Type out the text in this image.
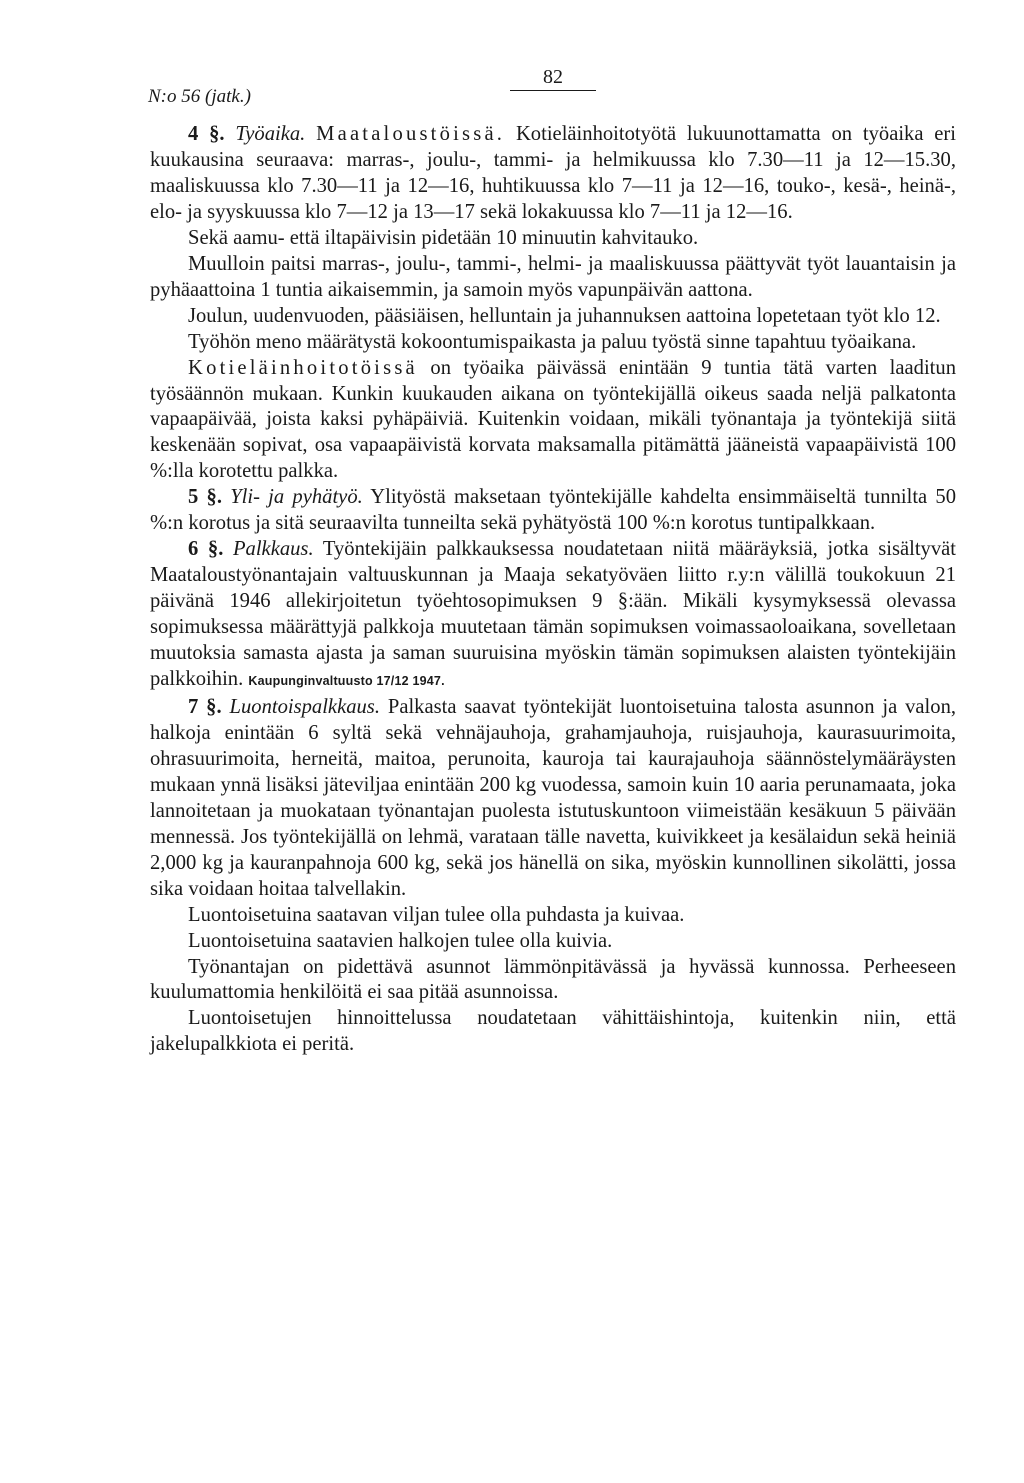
N:o 56 (jatk.)
82

4 §. Työaika. Maataloustöissä. Kotieläinhoitotyötä lukuunottamatta on työaika eri kuukausina seuraava: marras-, joulu-, tammi- ja helmikuussa klo 7.30—11 ja 12—15.30, maaliskuussa klo 7.30—11 ja 12—16, huhtikuussa klo 7—11 ja 12—16, touko-, kesä-, heinä-, elo- ja syyskuussa klo 7—12 ja 13—17 sekä lokakuussa klo 7—11 ja 12—16.

Sekä aamu- että iltapäivisin pidetään 10 minuutin kahvitauko.

Muulloin paitsi marras-, joulu-, tammi-, helmi- ja maaliskuussa päättyvät työt lauantaisin ja pyhäaattoina 1 tuntia aikaisemmin, ja samoin myös vapunpäivän aattona.

Joulun, uudenvuoden, pääsiäisen, helluntain ja juhannuksen aattoina lopetetaan työt klo 12.

Työhön meno määrätystä kokoontumispaikasta ja paluu työstä sinne tapahtuu työaikana.

Kotieläinhoitotöissä on työaika päivässä enintään 9 tuntia tätä varten laaditun työsäännön mukaan. Kunkin kuukauden aikana on työntekijällä oikeus saada neljä palkatonta vapaapäivää, joista kaksi pyhäpäiviä. Kuitenkin voidaan, mikäli työnantaja ja työntekijä siitä keskenään sopivat, osa vapaapäivistä korvata maksamalla pitämättä jääneistä vapaapäivistä 100 %:lla korotettu palkka.

5 §. Yli- ja pyhätyö. Ylityöstä maksetaan työntekijälle kahdelta ensimmäiseltä tunnilta 50 %:n korotus ja sitä seuraavilta tunneilta sekä pyhätyöstä 100 %:n korotus tuntipalkkaan.

6 §. Palkkaus. Työntekijäin palkkauksessa noudatetaan niitä määräyksiä, jotka sisältyvät Maataloustyönantajain valtuuskunnan ja Maaja sekatyöväen liitto r.y:n välillä toukokuun 21 päivänä 1946 allekirjoitetun työehtosopimuksen 9 §:ään. Mikäli kysymyksessä olevassa sopimuksessa määrättyjä palkkoja muutetaan tämän sopimuksen voimassaoloaikana, sovelletaan muutoksia samasta ajasta ja saman suuruisina myöskin tämän sopimuksen alaisten työntekijäin palkkoihin. Kaupunginvaltuusto 17/12 1947.

7 §. Luontoispalkkaus. Palkasta saavat työntekijät luontoisetuina talosta asunnon ja valon, halkoja enintään 6 syltä sekä vehnäjauhoja, grahamjauhoja, ruisjauhoja, kaurasuurimoita, ohrasuurimoita, herneitä, maitoa, perunoita, kauroja tai kaurajauhoja säännöstelymääräysten mukaan ynnä lisäksi jäteviljaa enintään 200 kg vuodessa, samoin kuin 10 aaria perunamaata, joka lannoitetaan ja muokataan työnantajan puolesta istutuskuntoon viimeistään kesäkuun 5 päivään mennessä. Jos työntekijällä on lehmä, varataan tälle navetta, kuivikkeet ja kesälaidun sekä heiniä 2,000 kg ja kauranpahnoja 600 kg, sekä jos hänellä on sika, myöskin kunnollinen sikolätti, jossa sika voidaan hoitaa talvellakin.

Luontoisetuina saatavan viljan tulee olla puhdasta ja kuivaa.

Luontoisetuina saatavien halkojen tulee olla kuivia.

Työnantajan on pidettävä asunnot lämmönpitävässä ja hyvässä kunnossa. Perheeseen kuulumattomia henkilöitä ei saa pitää asunnoissa.

Luontoisetujen hinnoittelussa noudatetaan vähittäishintoja, kuitenkin niin, että jakelupalkkiota ei peritä.
